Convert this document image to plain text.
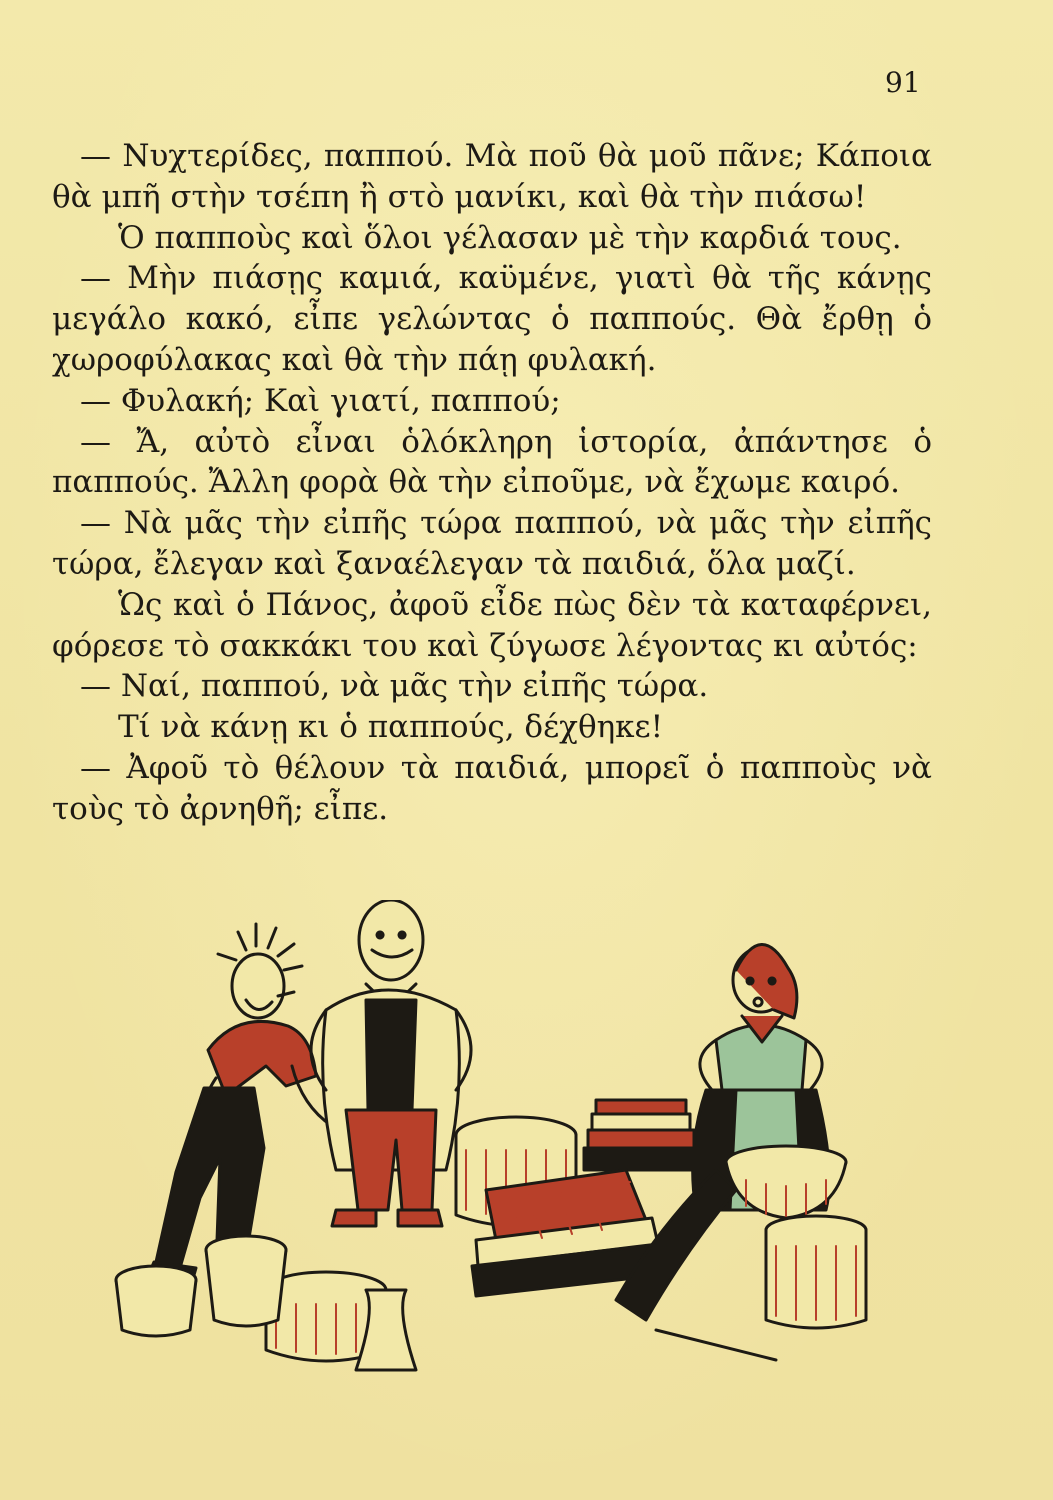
91

— Νυχτερίδες, παππού. Μὰ ποῦ θὰ μοῦ πᾶνε; Κάποια θὰ μπῆ στὴν τσέπη ἢ στὸ μανίκι, καὶ θὰ τὴν πιάσω!

Ὁ παπποὺς καὶ ὅλοι γέλασαν μὲ τὴν καρδιά τους.

— Μὴν πιάσῃς καμιά, καϋμένε, γιατὶ θὰ τῆς κάνῃς μεγάλο κακό, εἶπε γελώντας ὁ παππούς. Θὰ ἔρθῃ ὁ χωροφύλακας καὶ θὰ τὴν πάῃ φυλακή.

— Φυλακή; Καὶ γιατί, παππού;

— Ἄ, αὐτὸ εἶναι ὁλόκληρη ἱστορία, ἀπάντησε ὁ παππούς. Ἄλλη φορὰ θὰ τὴν εἰποῦμε, νὰ ἔχωμε καιρό.

— Νὰ μᾶς τὴν εἰπῆς τώρα παππού, νὰ μᾶς τὴν εἰπῆς τώρα, ἔλεγαν καὶ ξαναέλεγαν τὰ παιδιά, ὅλα μαζί.

Ὡς καὶ ὁ Πάνος, ἀφοῦ εἶδε πὼς δὲν τὰ καταφέρνει, φόρεσε τὸ σακκάκι του καὶ ζύγωσε λέγοντας κι αὐτός:

— Ναί, παππού, νὰ μᾶς τὴν εἰπῆς τώρα.

Τί νὰ κάνῃ κι ὁ παππούς, δέχθηκε!

— Ἀφοῦ τὸ θέλουν τὰ παιδιά, μπορεῖ ὁ παπποὺς νὰ τοὺς τὸ ἀρνηθῆ; εἶπε.
